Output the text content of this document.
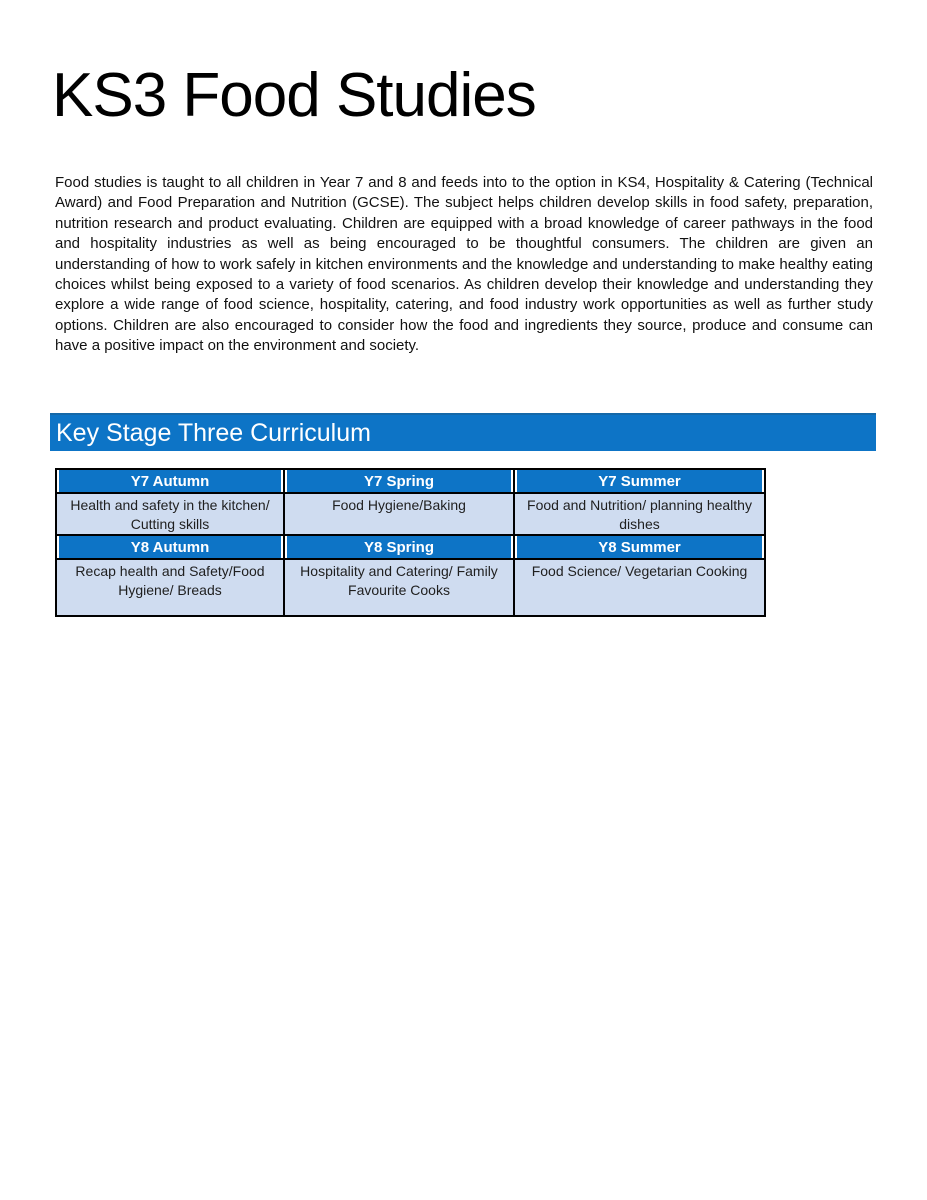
KS3 Food Studies

Food studies is taught to all children in Year 7 and 8 and feeds into to the option in KS4, Hospitality & Catering (Technical Award) and Food Preparation and Nutrition (GCSE). The subject helps children develop skills in food safety, preparation, nutrition research and product evaluating. Children are equipped with a broad knowledge of career pathways in the food and hospitality industries as well as being encouraged to be thoughtful consumers. The children are given an understanding of how to work safely in kitchen environments and the knowledge and understanding to make healthy eating choices whilst being exposed to a variety of food scenarios. As children develop their knowledge and understanding they explore a wide range of food science, hospitality, catering, and food industry work opportunities as well as further study options. Children are also encouraged to consider how the food and ingredients they source, produce and consume can have a positive impact on the environment and society.

Key Stage Three Curriculum
Y7 Autumn	Y7 Spring	Y7 Summer
Health and safety in the kitchen/ Cutting skills	Food Hygiene/Baking	Food and Nutrition/ planning healthy dishes
Y8 Autumn	Y8 Spring	Y8 Summer
Recap health and Safety/Food Hygiene/ Breads	Hospitality and Catering/ Family Favourite Cooks	Food Science/ Vegetarian Cooking
